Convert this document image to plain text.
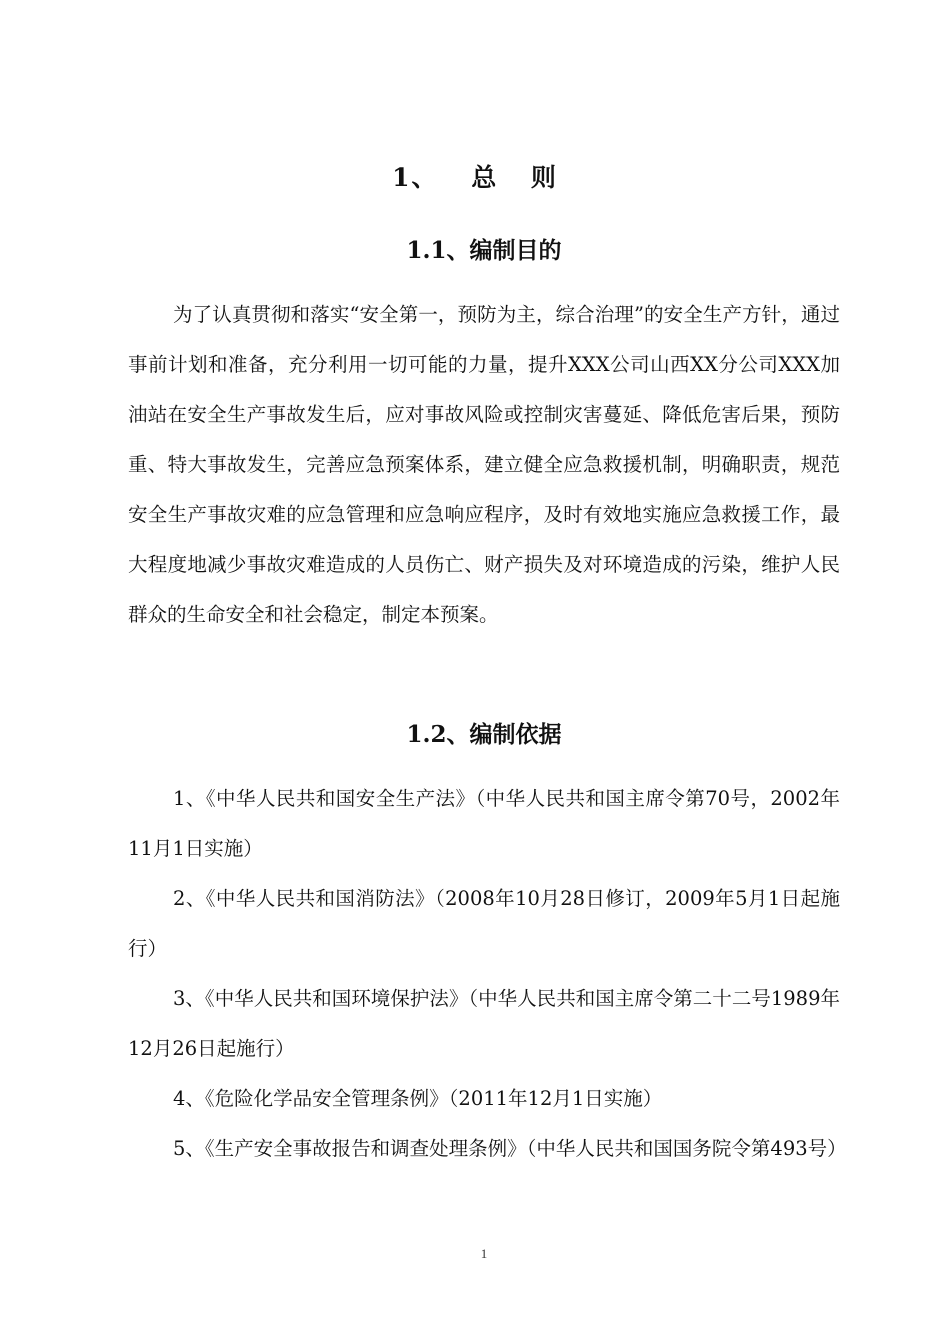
1、 总 则
1.1、编制目的

为了认真贯彻和落实“安全第一，预防为主，综合治理”的安全生产方针，通过事前计划和准备，充分利用一切可能的力量，提升XXX公司山西XX分公司XXX加油站在安全生产事故发生后，应对事故风险或控制灾害蔓延、降低危害后果，预防重、特大事故发生，完善应急预案体系，建立健全应急救援机制，明确职责，规范安全生产事故灾难的应急管理和应急响应程序，及时有效地实施应急救援工作，最大程度地减少事故灾难造成的人员伤亡、财产损失及对环境造成的污染，维护人民群众的生命安全和社会稳定，制定本预案。

1.2、编制依据

1、《中华人民共和国安全生产法》（中华人民共和国主席令第70号，2002年11月1日实施）

2、《中华人民共和国消防法》（2008年10月28日修订，2009年5月1日起施行）

3、《中华人民共和国环境保护法》（中华人民共和国主席令第二十二号1989年12月26日起施行）

4、《危险化学品安全管理条例》（2011年12月1日实施）

5、《生产安全事故报告和调查处理条例》（中华人民共和国国务院令第493号）

1
